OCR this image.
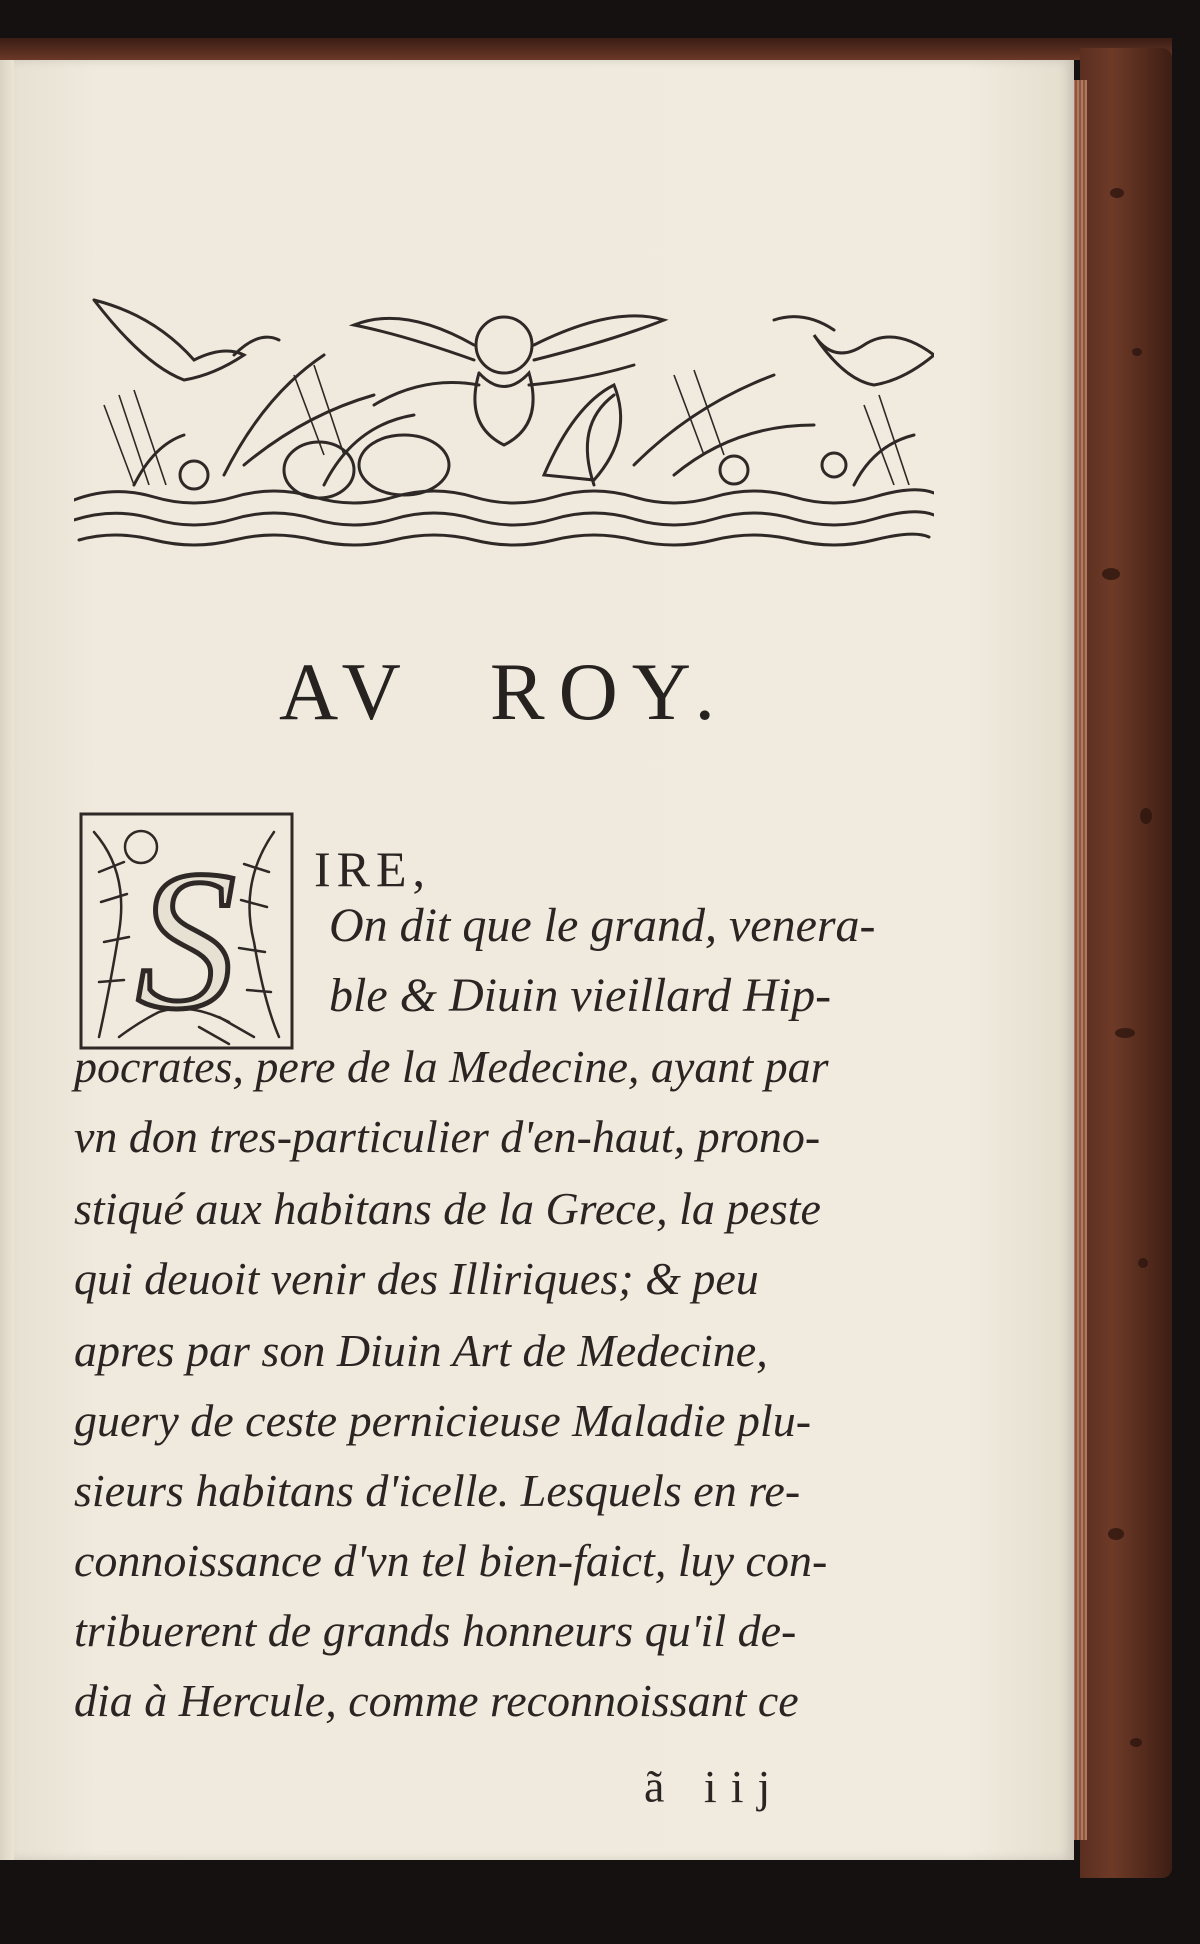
AV ROY.
S IRE,

On dit que le grand, venera-
ble & Diuin vieillard Hip-
pocrates, pere de la Medecine, ayant par
vn don tres-particulier d'en-haut, prono-
stiqué aux habitans de la Grece, la peste
qui deuoit venir des Illiriques; & peu
apres par son Diuin Art de Medecine,
guery de ceste pernicieuse Maladie plu-
sieurs habitans d'icelle. Lesquels en re-
connoissance d'vn tel bien-faict, luy con-
tribuerent de grands honneurs qu'il de-
dia à Hercule, comme reconnoissant ce

ã iij
